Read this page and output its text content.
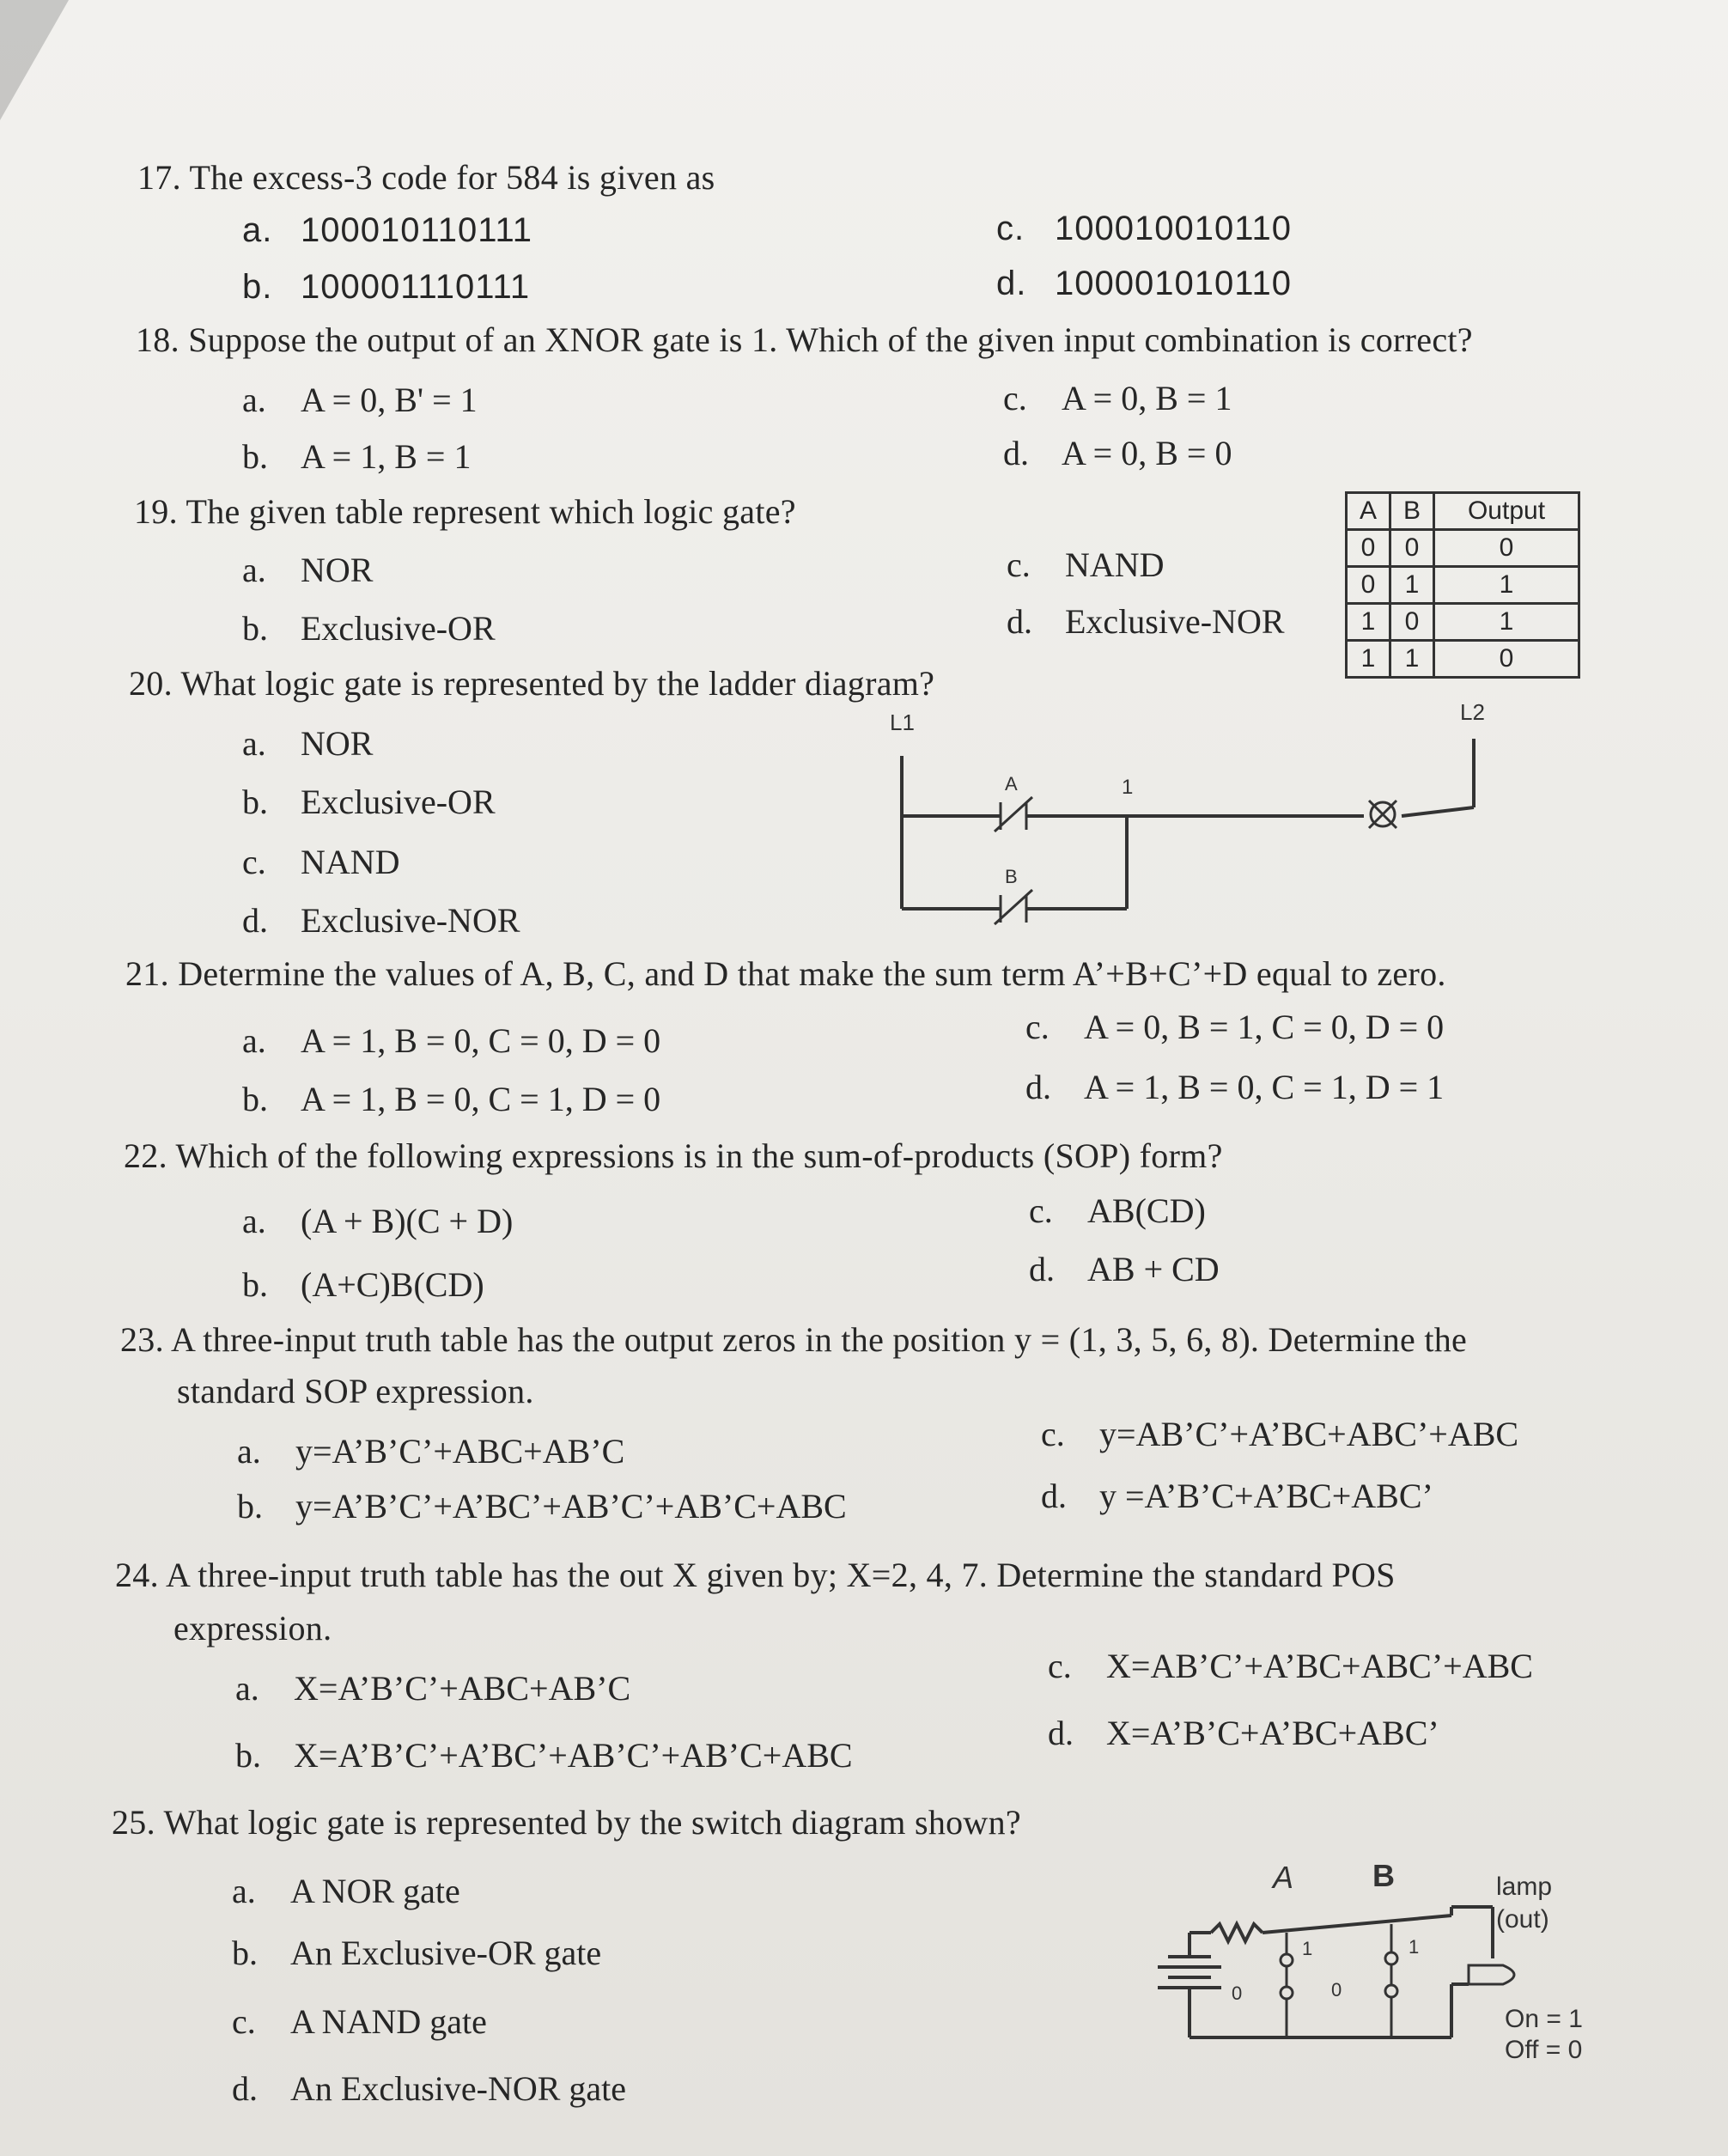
17. The excess-3 code for 584 is given as
a. 100010110111	c. 100010010110
b. 100001110111	d. 100001010110
18. Suppose the output of an XNOR gate is 1. Which of the given input combination is correct?
a. A = 0, B' = 1	c. A = 0, B = 1
b. A = 1, B = 1	d. A = 0, B = 0
19. The given table represent which logic gate?
a. NOR	c. NAND
b. Exclusive-OR	d. Exclusive-NOR
A	B	Output
0	0	0
0	1	1
1	0	1
1	1	0
20. What logic gate is represented by the ladder diagram?
a. NOR
b. Exclusive-OR
c. NAND
d. Exclusive-NOR
L1	L2
A
B
1
21. Determine the values of A, B, C, and D that make the sum term A’+B+C’+D equal to zero.
a. A = 1, B = 0, C = 0, D = 0	c. A = 0, B = 1, C = 0, D = 0
b. A = 1, B = 0, C = 1, D = 0	d. A = 1, B = 0, C = 1, D = 1
22. Which of the following expressions is in the sum-of-products (SOP) form?
a. (A + B)(C + D)	c. AB(CD)
b. (A+C)B(CD)	d. AB + CD
23. A three-input truth table has the output zeros in the position y = (1, 3, 5, 6, 8). Determine the
standard SOP expression.
a. y=A’B’C’+ABC+AB’C	c. y=AB’C’+A’BC+ABC’+ABC
b. y=A’B’C’+A’BC’+AB’C’+AB’C+ABC	d. y =A’B’C+A’BC+ABC’
24. A three-input truth table has the out X given by; X=2, 4, 7. Determine the standard POS
expression.
a. X=A’B’C’+ABC+AB’C
c. X=AB’C’+A’BC+ABC’+ABC
b. X=A’B’C’+A’BC’+AB’C’+AB’C+ABC
d. X=A’B’C+A’BC+ABC’
25. What logic gate is represented by the switch diagram shown?
a. A NOR gate
b. An Exclusive-OR gate
c. A NAND gate
d. An Exclusive-NOR gate
A	B
1	1
0	0
lamp
(out)
On = 1
Off = 0
